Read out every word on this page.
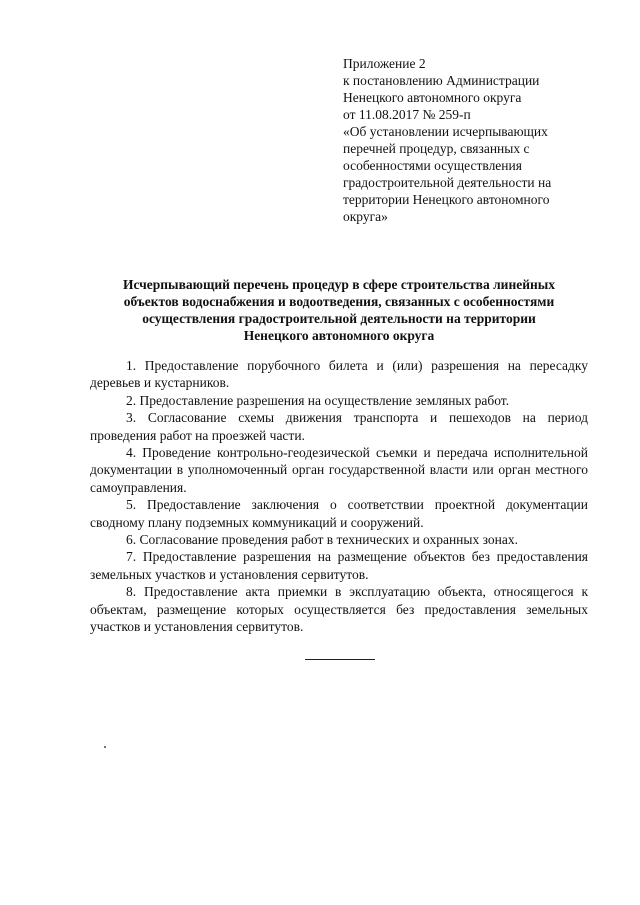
Приложение 2
к постановлению Администрации
Ненецкого автономного округа
от 11.08.2017 № 259-п
«Об установлении исчерпывающих
перечней процедур, связанных с
особенностями осуществления
градостроительной деятельности на
территории Ненецкого автономного
округа»
Исчерпывающий перечень процедур в сфере строительства линейных
объектов водоснабжения и водоотведения, связанных с особенностями
осуществления градостроительной деятельности на территории
Ненецкого автономного округа

1. Предоставление порубочного билета и (или) разрешения на пересадку деревьев и кустарников.

2. Предоставление разрешения на осуществление земляных работ.

3. Согласование схемы движения транспорта и пешеходов на период проведения работ на проезжей части.

4. Проведение контрольно-геодезической съемки и передача исполнительной документации в уполномоченный орган государственной власти или орган местного самоуправления.

5. Предоставление заключения о соответствии проектной документации сводному плану подземных коммуникаций и сооружений.

6. Согласование проведения работ в технических и охранных зонах.

7. Предоставление разрешения на размещение объектов без предоставления земельных участков и установления сервитутов.

8. Предоставление акта приемки в эксплуатацию объекта, относящегося к объектам, размещение которых осуществляется без предоставления земельных участков и установления сервитутов.
